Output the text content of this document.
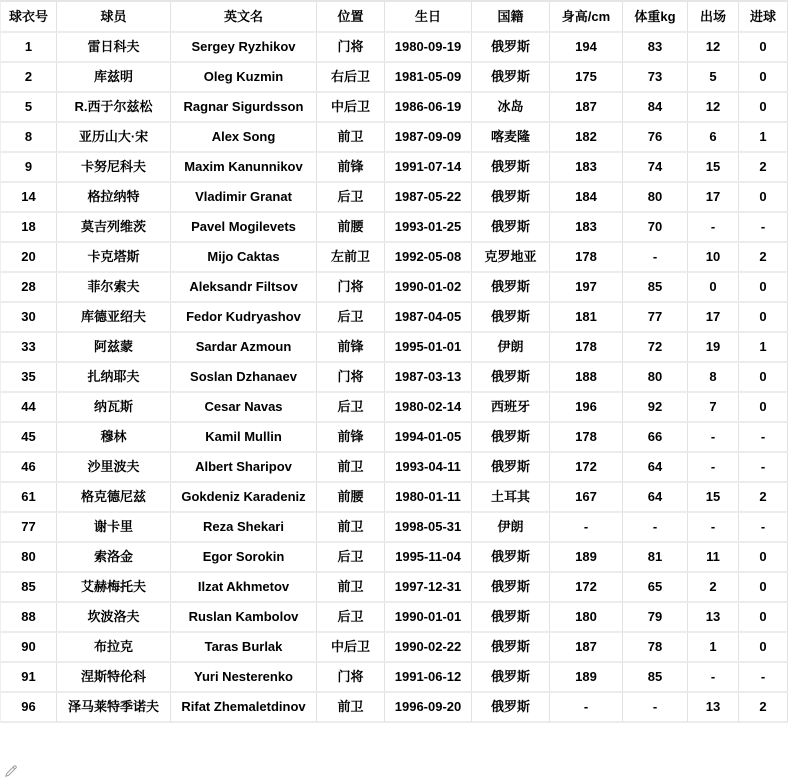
球衣号	球员	英文名	位置	生日	国籍	身高/cm	体重kg	出场	进球
1	雷日科夫	Sergey Ryzhikov	门将	1980-09-19	俄罗斯	194	83	12	0
2	库兹明	Oleg Kuzmin	右后卫	1981-05-09	俄罗斯	175	73	5	0
5	R.西于尔兹松	Ragnar Sigurdsson	中后卫	1986-06-19	冰岛	187	84	12	0
8	亚历山大·宋	Alex Song	前卫	1987-09-09	喀麦隆	182	76	6	1
9	卡努尼科夫	Maxim Kanunnikov	前锋	1991-07-14	俄罗斯	183	74	15	2
14	格拉纳特	Vladimir Granat	后卫	1987-05-22	俄罗斯	184	80	17	0
18	莫吉列维茨	Pavel Mogilevets	前腰	1993-01-25	俄罗斯	183	70	-	-
20	卡克塔斯	Mijo Caktas	左前卫	1992-05-08	克罗地亚	178	-	10	2
28	菲尔索夫	Aleksandr Filtsov	门将	1990-01-02	俄罗斯	197	85	0	0
30	库德亚绍夫	Fedor Kudryashov	后卫	1987-04-05	俄罗斯	181	77	17	0
33	阿兹蒙	Sardar Azmoun	前锋	1995-01-01	伊朗	178	72	19	1
35	扎纳耶夫	Soslan Dzhanaev	门将	1987-03-13	俄罗斯	188	80	8	0
44	纳瓦斯	Cesar Navas	后卫	1980-02-14	西班牙	196	92	7	0
45	穆林	Kamil Mullin	前锋	1994-01-05	俄罗斯	178	66	-	-
46	沙里波夫	Albert Sharipov	前卫	1993-04-11	俄罗斯	172	64	-	-
61	格克德尼兹	Gokdeniz Karadeniz	前腰	1980-01-11	土耳其	167	64	15	2
77	谢卡里	Reza Shekari	前卫	1998-05-31	伊朗	-	-	-	-
80	索洛金	Egor Sorokin	后卫	1995-11-04	俄罗斯	189	81	11	0
85	艾赫梅托夫	Ilzat Akhmetov	前卫	1997-12-31	俄罗斯	172	65	2	0
88	坎波洛夫	Ruslan Kambolov	后卫	1990-01-01	俄罗斯	180	79	13	0
90	布拉克	Taras Burlak	中后卫	1990-02-22	俄罗斯	187	78	1	0
91	涅斯特伦科	Yuri Nesterenko	门将	1991-06-12	俄罗斯	189	85	-	-
96	泽马莱特季诺夫	Rifat Zhemaletdinov	前卫	1996-09-20	俄罗斯	-	-	13	2
